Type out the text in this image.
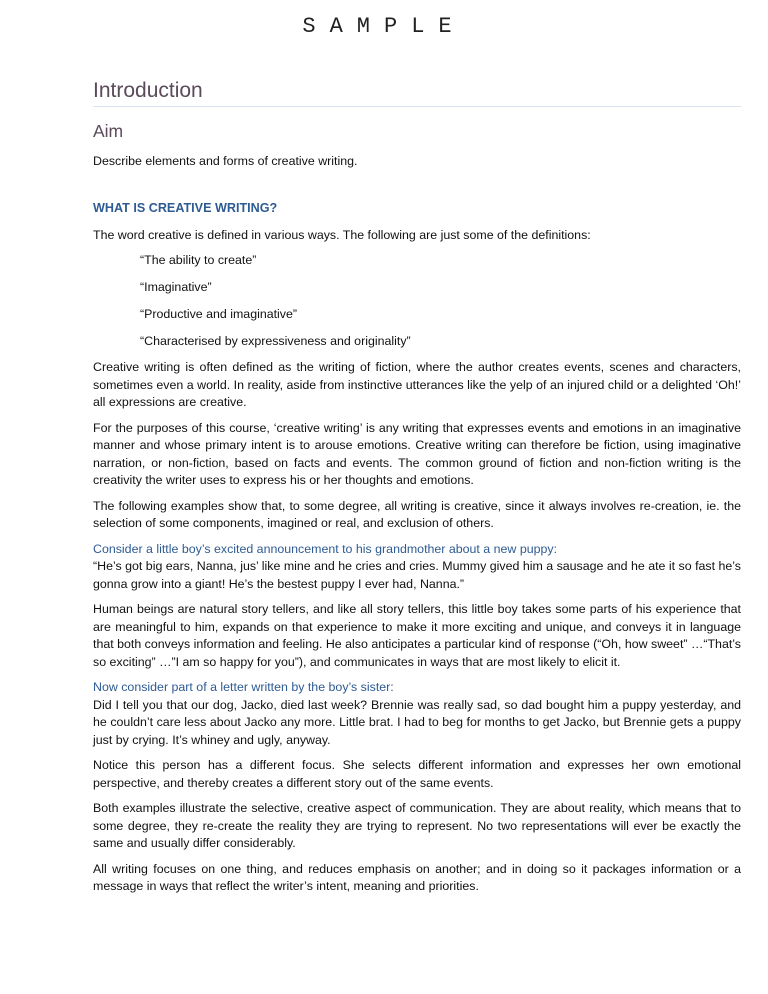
SAMPLE
Introduction
Aim

Describe elements and forms of creative writing.

WHAT IS CREATIVE WRITING?

The word creative is defined in various ways. The following are just some of the definitions:

“The ability to create”

“Imaginative”

“Productive and imaginative”

“Characterised by expressiveness and originality”

Creative writing is often defined as the writing of fiction, where the author creates events, scenes and characters, sometimes even a world. In reality, aside from instinctive utterances like the yelp of an injured child or a delighted ‘Oh!’ all expressions are creative.

For the purposes of this course, ‘creative writing’ is any writing that expresses events and emotions in an imaginative manner and whose primary intent is to arouse emotions. Creative writing can therefore be fiction, using imaginative narration, or non-fiction, based on facts and events. The common ground of fiction and non-fiction writing is the creativity the writer uses to express his or her thoughts and emotions.

The following examples show that, to some degree, all writing is creative, since it always involves re-creation, ie. the selection of some components, imagined or real, and exclusion of others.

Consider a little boy’s excited announcement to his grandmother about a new puppy:

“He’s got big ears, Nanna, jus’ like mine and he cries and cries. Mummy gived him a sausage and he ate it so fast he’s gonna grow into a giant! He’s the bestest puppy I ever had, Nanna.”

Human beings are natural story tellers, and like all story tellers, this little boy takes some parts of his experience that are meaningful to him, expands on that experience to make it more exciting and unique, and conveys it in language that both conveys information and feeling. He also anticipates a particular kind of response (“Oh, how sweet” …“That’s so exciting” …”I am so happy for you”), and communicates in ways that are most likely to elicit it.

Now consider part of a letter written by the boy’s sister:

Did I tell you that our dog, Jacko, died last week? Brennie was really sad, so dad bought him a puppy yesterday, and he couldn’t care less about Jacko any more. Little brat. I had to beg for months to get Jacko, but Brennie gets a puppy just by crying. It’s whiney and ugly, anyway.

Notice this person has a different focus. She selects different information and expresses her own emotional perspective, and thereby creates a different story out of the same events.

Both examples illustrate the selective, creative aspect of communication. They are about reality, which means that to some degree, they re-create the reality they are trying to represent. No two representations will ever be exactly the same and usually differ considerably.

All writing focuses on one thing, and reduces emphasis on another; and in doing so it packages information or a message in ways that reflect the writer’s intent, meaning and priorities.
